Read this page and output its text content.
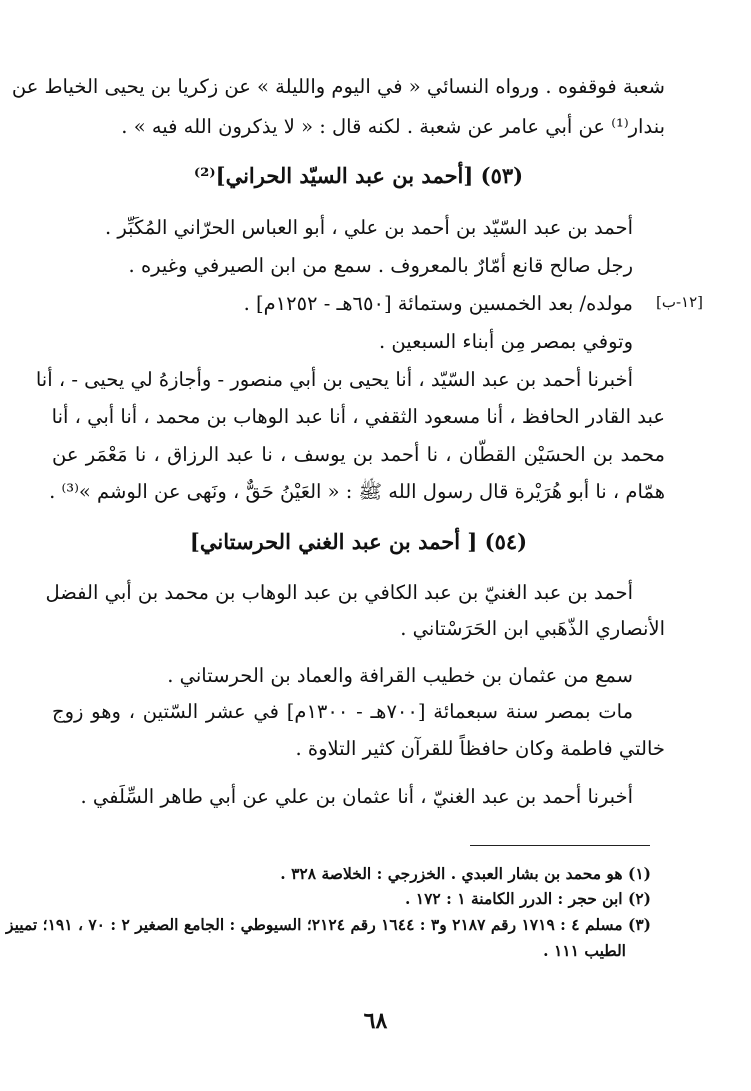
شعبة فوقفوه . ورواه النسائي « في اليوم والليلة » عن زكريا بن يحيى الخياط عن
بندار⁽¹⁾ عن أبي عامر عن شعبة . لكنه قال : « لا يذكرون الله فيه » .
(٥٣) [أحمد بن عبد السيّد الحراني]⁽²⁾
أحمد بن عبد السّيّد بن أحمد بن علي ، أبو العباس الحرّاني المُكَبِّر .
رجل صالح قانع أمّارٌ بالمعروف . سمع من ابن الصيرفي وغيره .
مولده/ بعد الخمسين وستمائة [٦٥٠هـ - ١٢٥٢م] . [١٢-ب]
وتوفي بمصر مِن أبناء السبعين .
أخبرنا أحمد بن عبد السّيّد ، أنا يحيى بن أبي منصور - وأجازهُ لي يحيى - ، أنا
عبد القادر الحافظ ، أنا مسعود الثقفي ، أنا عبد الوهاب بن محمد ، أنا أبي ، أنا
محمد بن الحسَيْن القطّان ، نا أحمد بن يوسف ، نا عبد الرزاق ، نا مَعْمَر عن
همّام ، نا أبو هُرَيْرة قال رسول الله ﷺ : « العَيْنُ حَقٌّ ، ونَهى عن الوشم »⁽³⁾ .
(٥٤) [ أحمد بن عبد الغني الحرستاني]
أحمد بن عبد الغنيّ بن عبد الكافي بن عبد الوهاب بن محمد بن أبي الفضل
الأنصاري الذّهَبي ابن الحَرَسْتاني .
سمع من عثمان بن خطيب القرافة والعماد بن الحرستاني .
مات بمصر سنة سبعمائة [٧٠٠هـ - ١٣٠٠م] في عشر السّتين ، وهو زوج
خالتي فاطمة وكان حافظاً للقرآن كثير التلاوة .
أخبرنا أحمد بن عبد الغنيّ ، أنا عثمان بن علي عن أبي طاهر السِّلَفي .
(١) هو محمد بن بشار العبدي . الخزرجي : الخلاصة ٣٢٨ .
(٢) ابن حجر : الدرر الكامنة ١ : ١٧٢ .
(٣) مسلم ٤ : ١٧١٩ رقم ٢١٨٧ و٣ : ١٦٤٤ رقم ٢١٢٤؛ السيوطي : الجامع الصغير ٢ : ٧٠ ، ١٩١؛ تمييز
الطيب ١١١ .
٦٨
